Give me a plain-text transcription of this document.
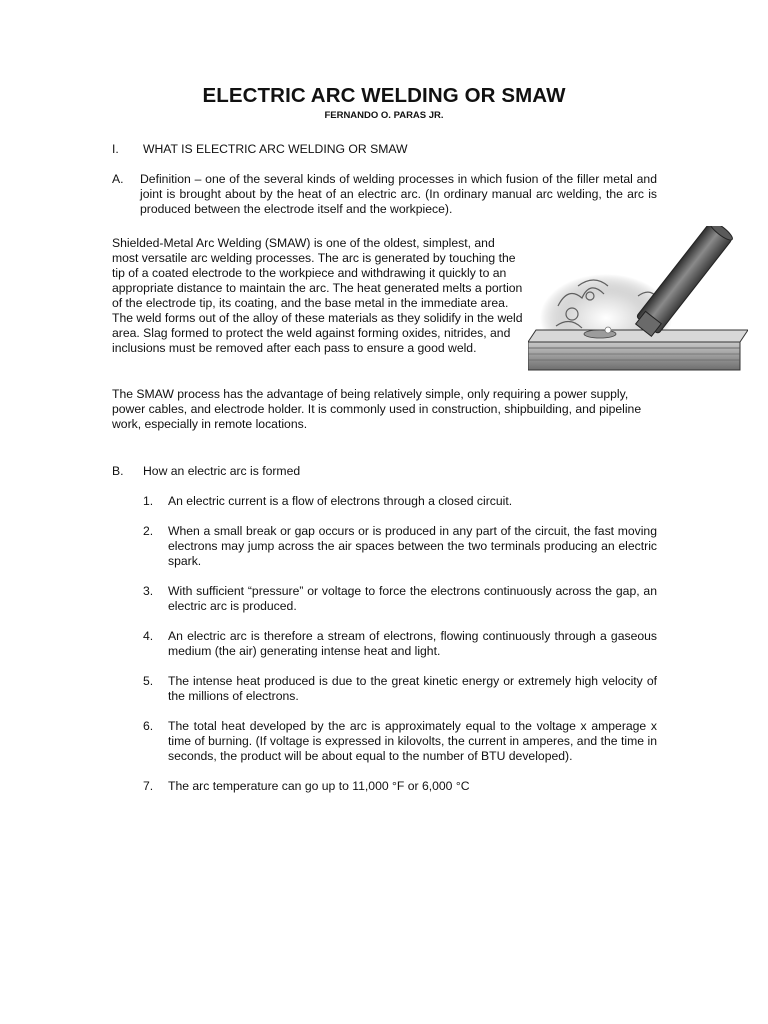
ELECTRIC ARC WELDING OR SMAW
FERNANDO O. PARAS JR.
I. WHAT IS ELECTRIC ARC WELDING OR SMAW
A. Definition – one of the several kinds of welding processes in which fusion of the filler metal and joint is brought about by the heat of an electric arc. (In ordinary manual arc welding, the arc is produced between the electrode itself and the workpiece).
Shielded-Metal Arc Welding (SMAW) is one of the oldest, simplest, and most versatile arc welding processes. The arc is generated by touching the tip of a coated electrode to the workpiece and withdrawing it quickly to an appropriate distance to maintain the arc. The heat generated melts a portion of the electrode tip, its coating, and the base metal in the immediate area. The weld forms out of the alloy of these materials as they solidify in the weld area. Slag formed to protect the weld against forming oxides, nitrides, and inclusions must be removed after each pass to ensure a good weld.
The SMAW process has the advantage of being relatively simple, only requiring a power supply, power cables, and electrode holder. It is commonly used in construction, shipbuilding, and pipeline work, especially in remote locations.
B. How an electric arc is formed
1. An electric current is a flow of electrons through a closed circuit.
2. When a small break or gap occurs or is produced in any part of the circuit, the fast moving electrons may jump across the air spaces between the two terminals producing an electric spark.
3. With sufficient “pressure” or voltage to force the electrons continuously across the gap, an electric arc is produced.
4. An electric arc is therefore a stream of electrons, flowing continuously through a gaseous medium (the air) generating intense heat and light.
5. The intense heat produced is due to the great kinetic energy or extremely high velocity of the millions of electrons.
6. The total heat developed by the arc is approximately equal to the voltage x amperage x time of burning. (If voltage is expressed in kilovolts, the current in amperes, and the time in seconds, the product will be about equal to the number of BTU developed).
7. The arc temperature can go up to 11,000 °F or 6,000 °C
